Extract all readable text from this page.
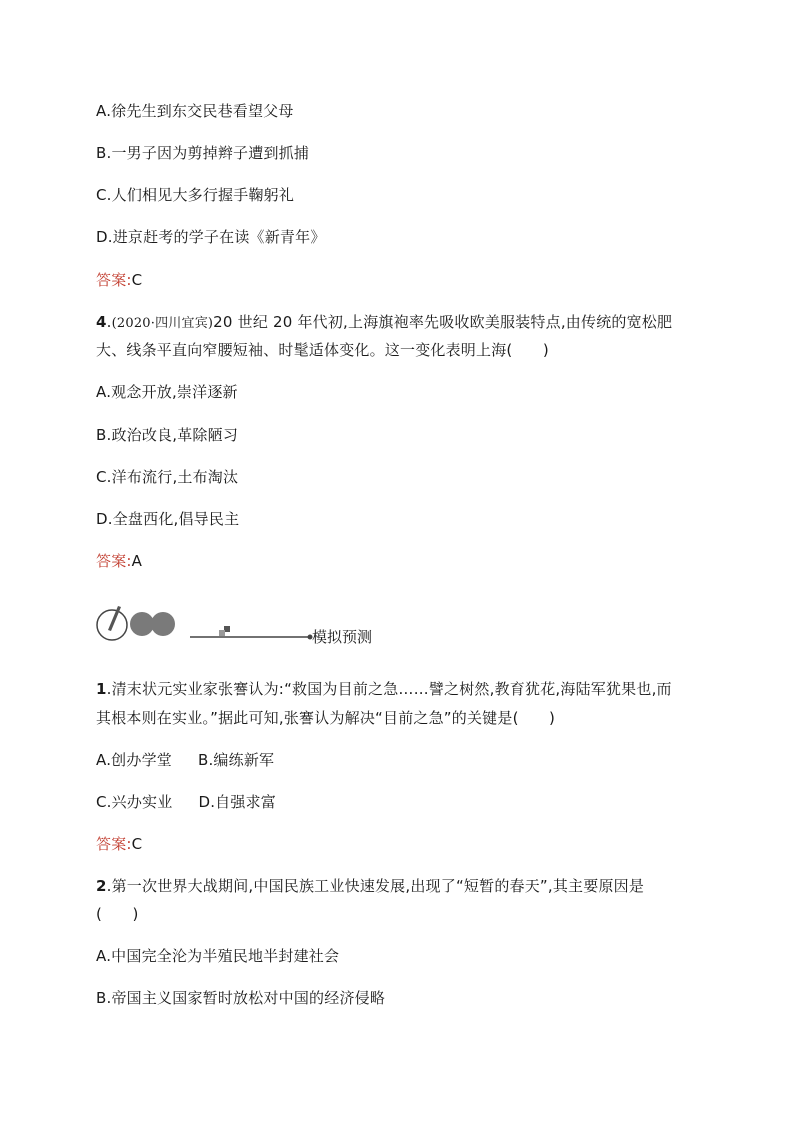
A.徐先生到东交民巷看望父母
B.一男子因为剪掉辫子遭到抓捕
C.人们相见大多行握手鞠躬礼
D.进京赶考的学子在读《新青年》
答案:C
4.(2020·四川宜宾)20 世纪 20 年代初,上海旗袍率先吸收欧美服装特点,由传统的宽松肥
大、线条平直向窄腰短袖、时髦适体变化。这一变化表明上海(　　)
A.观念开放,崇洋逐新
B.政治改良,革除陋习
C.洋布流行,土布淘汰
D.全盘西化,倡导民主
答案:A
模拟预测
1.清末状元实业家张謇认为:“救国为目前之急……譬之树然,教育犹花,海陆军犹果也,而
其根本则在实业。”据此可知,张謇认为解决“目前之急”的关键是(　　)
A.创办学堂 B.编练新军
C.兴办实业 D.自强求富
答案:C
2.第一次世界大战期间,中国民族工业快速发展,出现了“短暂的春天”,其主要原因是
(　　)
A.中国完全沦为半殖民地半封建社会
B.帝国主义国家暂时放松对中国的经济侵略
